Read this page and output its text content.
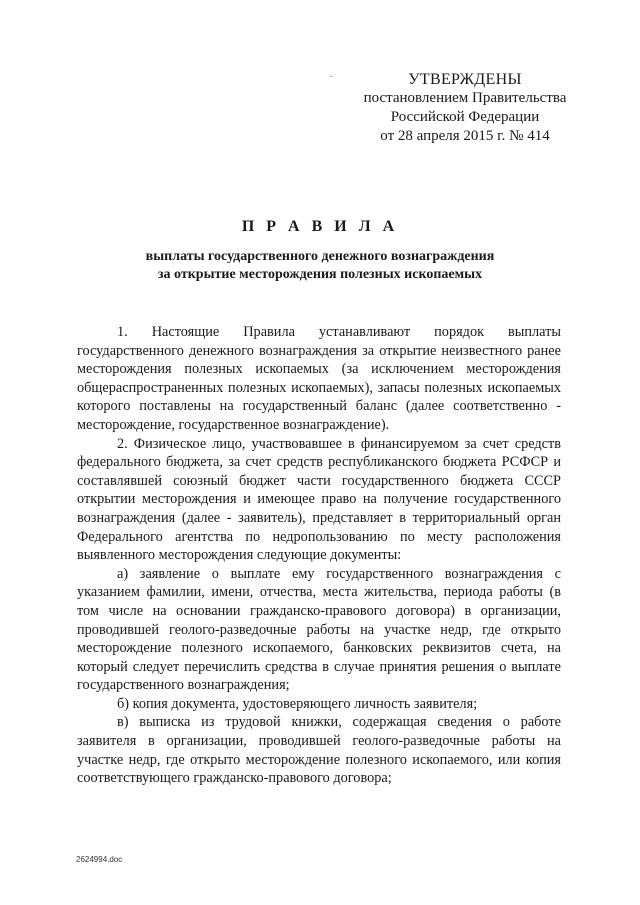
УТВЕРЖДЕНЫ
постановлением Правительства
Российской Федерации
от 28 апреля 2015 г. № 414
П Р А В И Л А
выплаты государственного денежного вознаграждения
за открытие месторождения полезных ископаемых

1. Настоящие Правила устанавливают порядок выплаты государственного денежного вознаграждения за открытие неизвестного ранее месторождения полезных ископаемых (за исключением месторождения общераспространенных полезных ископаемых), запасы полезных ископаемых которого поставлены на государственный баланс (далее соответственно - месторождение, государственное вознаграждение).

2. Физическое лицо, участвовавшее в финансируемом за счет средств федерального бюджета, за счет средств республиканского бюджета РСФСР и составлявшей союзный бюджет части государственного бюджета СССР открытии месторождения и имеющее право на получение государственного вознаграждения (далее - заявитель), представляет в территориальный орган Федерального агентства по недропользованию по месту расположения выявленного месторождения следующие документы:

а) заявление о выплате ему государственного вознаграждения с указанием фамилии, имени, отчества, места жительства, периода работы (в том числе на основании гражданско-правового договора) в организации, проводившей геолого-разведочные работы на участке недр, где открыто месторождение полезного ископаемого, банковских реквизитов счета, на который следует перечислить средства в случае принятия решения о выплате государственного вознаграждения;

б) копия документа, удостоверяющего личность заявителя;

в) выписка из трудовой книжки, содержащая сведения о работе заявителя в организации, проводившей геолого-разведочные работы на участке недр, где открыто месторождение полезного ископаемого, или копия соответствующего гражданско-правового договора;

2624994.doc
